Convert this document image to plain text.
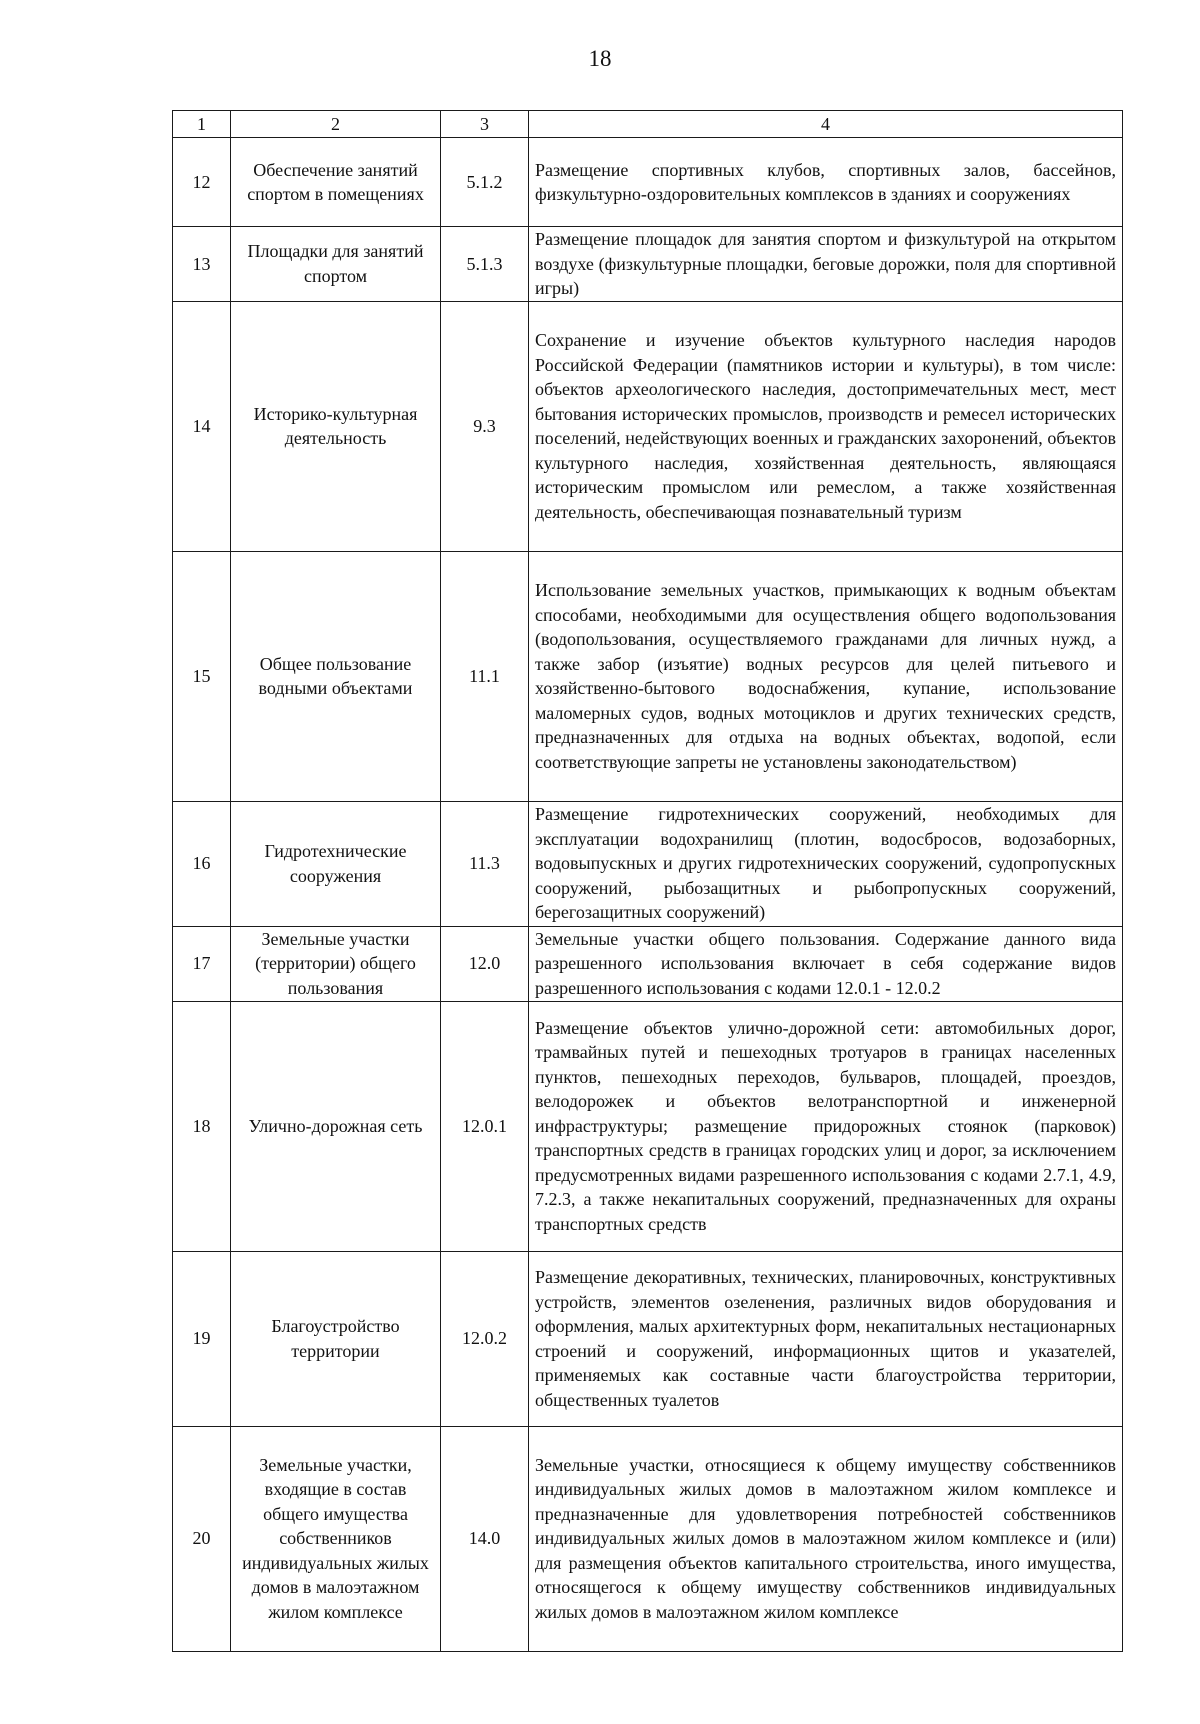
18
1	2	3	4
12	Обеспечение занятий спортом в помещениях	5.1.2	Размещение спортивных клубов, спортивных залов, бассейнов, физкультурно-оздоровительных комплексов в зданиях и сооружениях
13	Площадки для занятий спортом	5.1.3	Размещение площадок для занятия спортом и физкультурой на открытом воздухе (физкультурные площадки, беговые дорожки, поля для спортивной игры)
14	Историко-культурная деятельность	9.3	Сохранение и изучение объектов культурного наследия народов Российской Федерации (памятников истории и культуры), в том числе: объектов археологического наследия, достопримечательных мест, мест бытования исторических промыслов, производств и ремесел исторических поселений, недействующих военных и гражданских захоронений, объектов культурного наследия, хозяйственная деятельность, являющаяся историческим промыслом или ремеслом, а также хозяйственная деятельность, обеспечивающая познавательный туризм
15	Общее пользование водными объектами	11.1	Использование земельных участков, примыкающих к водным объектам способами, необходимыми для осуществления общего водопользования (водопользования, осуществляемого гражданами для личных нужд, а также забор (изъятие) водных ресурсов для целей питьевого и хозяйственно-бытового водоснабжения, купание, использование маломерных судов, водных мотоциклов и других технических средств, предназначенных для отдыха на водных объектах, водопой, если соответствующие запреты не установлены законодательством)
16	Гидротехнические сооружения	11.3	Размещение гидротехнических сооружений, необходимых для эксплуатации водохранилищ (плотин, водосбросов, водозаборных, водовыпускных и других гидротехнических сооружений, судопропускных сооружений, рыбозащитных и рыбопропускных сооружений, берегозащитных сооружений)
17	Земельные участки (территории) общего пользования	12.0	Земельные участки общего пользования. Содержание данного вида разрешенного использования включает в себя содержание видов разрешенного использования с кодами 12.0.1 - 12.0.2
18	Улично-дорожная сеть	12.0.1	Размещение объектов улично-дорожной сети: автомобильных дорог, трамвайных путей и пешеходных тротуаров в границах населенных пунктов, пешеходных переходов, бульваров, площадей, проездов, велодорожек и объектов велотранспортной и инженерной инфраструктуры; размещение придорожных стоянок (парковок) транспортных средств в границах городских улиц и дорог, за исключением предусмотренных видами разрешенного использования с кодами 2.7.1, 4.9, 7.2.3, а также некапитальных сооружений, предназначенных для охраны транспортных средств
19	Благоустройство территории	12.0.2	Размещение декоративных, технических, планировочных, конструктивных устройств, элементов озеленения, различных видов оборудования и оформления, малых архитектурных форм, некапитальных нестационарных строений и сооружений, информационных щитов и указателей, применяемых как составные части благоустройства территории, общественных туалетов
20	Земельные участки, входящие в состав общего имущества собственников индивидуальных жилых домов в малоэтажном жилом комплексе	14.0	Земельные участки, относящиеся к общему имуществу собственников индивидуальных жилых домов в малоэтажном жилом комплексе и предназначенные для удовлетворения потребностей собственников индивидуальных жилых домов в малоэтажном жилом комплексе и (или) для размещения объектов капитального строительства, иного имущества, относящегося к общему имуществу собственников индивидуальных жилых домов в малоэтажном жилом комплексе
